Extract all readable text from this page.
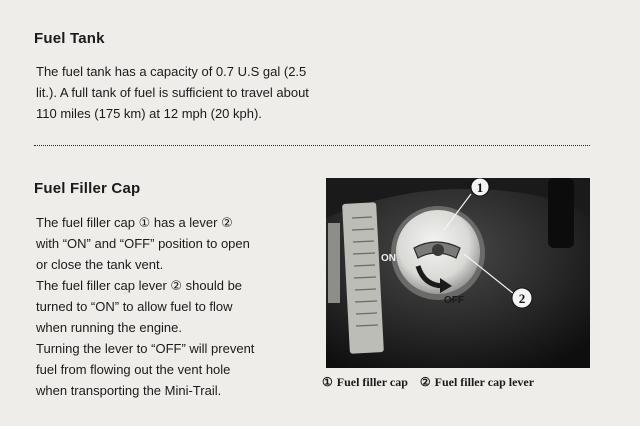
Fuel Tank
The fuel tank has a capacity of 0.7 U.S gal (2.5
lit.). A full tank of fuel is sufficient to travel about
110 miles (175 km) at 12 mph (20 kph).
Fuel Filler Cap
The fuel filler cap ① has a lever ②
with “ON” and “OFF” position to open
or close the tank vent.
The fuel filler cap lever ② should be
turned to “ON” to allow fuel to flow
when running the engine.
Turning the lever to “OFF” will prevent
fuel from flowing out the vent hole
when transporting the Mini-Trail.
ON
OFF
1
2
① Fuel filler cap ② Fuel filler cap lever
